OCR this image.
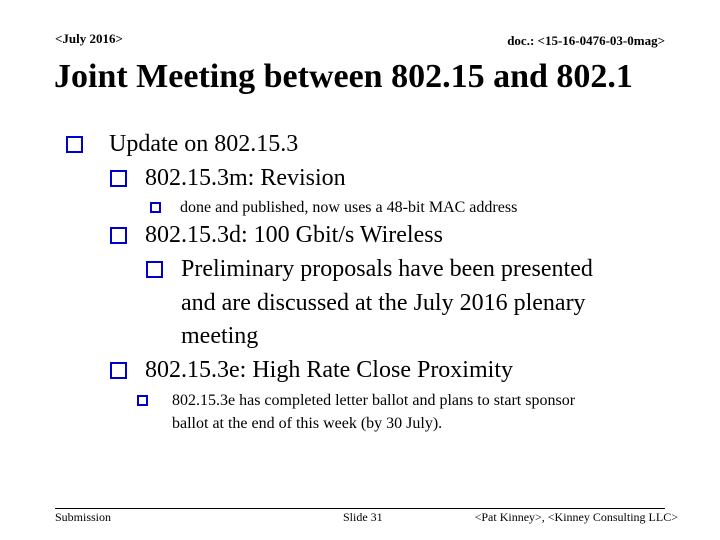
<July 2016>	doc.: <15-16-0476-03-0mag>
Joint Meeting between 802.15 and 802.1
Update on 802.15.3
802.15.3m: Revision
done and published, now uses a 48-bit MAC address
802.15.3d: 100 Gbit/s Wireless
Preliminary proposals have been presented
and are discussed at the July 2016 plenary
meeting
802.15.3e: High Rate Close Proximity
802.15.3e has completed letter ballot and plans to start sponsor
ballot at the end of this week (by 30 July).
Submission	Slide 31	<Pat Kinney>, <Kinney Consulting LLC>
